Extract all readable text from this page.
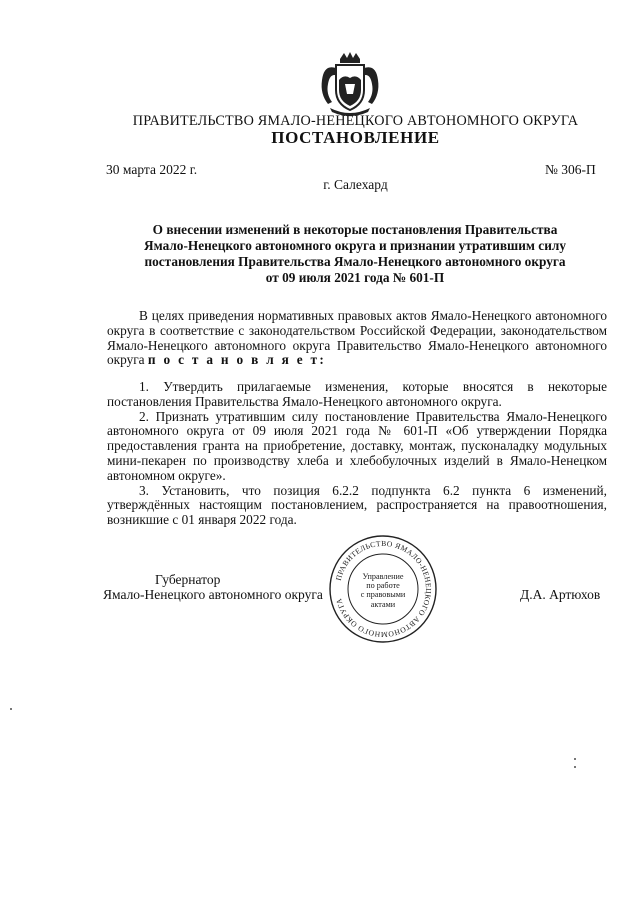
ПРАВИТЕЛЬСТВО ЯМАЛО-НЕНЕЦКОГО АВТОНОМНОГО ОКРУГА
ПОСТАНОВЛЕНИЕ
30 марта 2022 г.	№ 306-П
г. Салехард
О внесении изменений в некоторые постановления Правительства
Ямало-Ненецкого автономного округа и признании утратившим силу
постановления Правительства Ямало-Ненецкого автономного округа
от 09 июля 2021 года № 601-П

В целях приведения нормативных правовых актов Ямало-Ненецкого автономного округа в соответствие с законодательством Российской Федерации, законодательством Ямало-Ненецкого автономного округа Правительство Ямало-Ненецкого автономного округа п о с т а н о в л я е т:

1. Утвердить прилагаемые изменения, которые вносятся в некоторые постановления Правительства Ямало-Ненецкого автономного округа.

2. Признать утратившим силу постановление Правительства Ямало-Ненецкого автономного округа от 09 июля 2021 года № 601-П «Об утверждении Порядка предоставления гранта на приобретение, доставку, монтаж, пусконаладку модульных мини-пекарен по производству хлеба и хлебобулочных изделий в Ямало-Ненецком автономном округе».

3. Установить, что позиция 6.2.2 подпункта 6.2 пункта 6 изменений, утверждённых настоящим постановлением, распространяется на правоотношения, возникшие с 01 января 2022 года.

Губернатор
Ямало-Ненецкого автономного округа	Д.А. Артюхов
ПРАВИТЕЛЬСТВО ЯМАЛО-НЕНЕЦКОГО АВТОНОМНОГО ОКРУГА
Управление
по работе
с правовыми
актами
